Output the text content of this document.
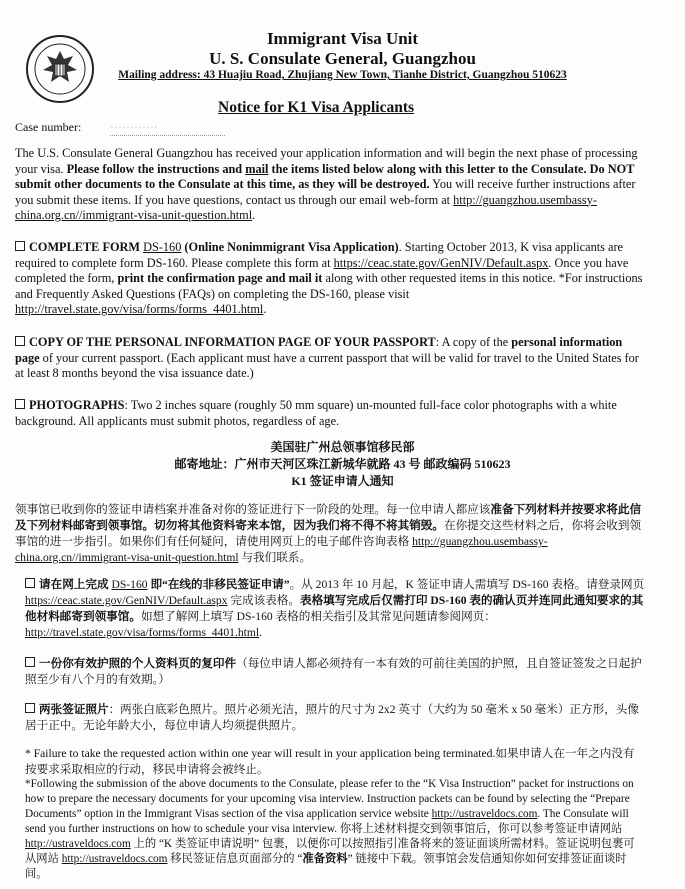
Immigrant Visa Unit
U. S. Consulate General, Guangzhou
Mailing address: 43 Huajiu Road, Zhujiang New Town, Tianhe District, Guangzhou 510623
Notice for K1 Visa Applicants
Case number: ············
The U.S. Consulate General Guangzhou has received your application information and will begin the next phase of processing your visa. Please follow the instructions and mail the items listed below along with this letter to the Consulate. Do NOT submit other documents to the Consulate at this time, as they will be destroyed. You will receive further instructions after you submit these items. If you have questions, contact us through our email web-form at http://guangzhou.usembassy-china.org.cn//immigrant-visa-unit-question.html.
COMPLETE FORM DS-160 (Online Nonimmigrant Visa Application). Starting October 2013, K visa applicants are required to complete form DS-160. Please complete this form at https://ceac.state.gov/GenNIV/Default.aspx. Once you have completed the form, print the confirmation page and mail it along with other requested items in this notice. *For instructions and Frequently Asked Questions (FAQs) on completing the DS-160, please visit http://travel.state.gov/visa/forms/forms_4401.html.
COPY OF THE PERSONAL INFORMATION PAGE OF YOUR PASSPORT: A copy of the personal information page of your current passport. (Each applicant must have a current passport that will be valid for travel to the United States for at least 8 months beyond the visa issuance date.)
PHOTOGRAPHS: Two 2 inches square (roughly 50 mm square) un-mounted full-face color photographs with a white background. All applicants must submit photos, regardless of age.
美国驻广州总领事馆移民部
邮寄地址：广州市天河区珠江新城华就路 43 号 邮政编码 510623
K1 签证申请人通知
领事馆已收到你的签证申请档案并准备对你的签证进行下一阶段的处理。每一位申请人都应该准备下列材料并按要求将此信及下列材料邮寄到领事馆。切勿将其他资料寄来本馆，因为我们将不得不将其销毁。在你提交这些材料之后，你将会收到领事馆的进一步指引。如果你们有任何疑问，请使用网页上的电子邮件咨询表格 http://guangzhou.usembassy-china.org.cn//immigrant-visa-unit-question.html 与我们联系。
请在网上完成 DS-160 即“在线的非移民签证申请”。从 2013 年 10 月起，K 签证申请人需填写 DS-160 表格。请登录网页 https://ceac.state.gov/GenNIV/Default.aspx 完成该表格。表格填写完成后仅需打印 DS-160 表的确认页并连同此通知要求的其他材料邮寄到领事馆。如想了解网上填写 DS-160 表格的相关指引及其常见问题请参阅网页：http://travel.state.gov/visa/forms/forms_4401.html.
一份你有效护照的个人资料页的复印件（每位申请人都必须持有一本有效的可前往美国的护照，且自签证签发之日起护照至少有八个月的有效期。）
两张签证照片：两张白底彩色照片。照片必须光洁，照片的尺寸为 2x2 英寸（大约为 50 毫米 x 50 毫米）正方形，头像居于正中。无论年龄大小，每位申请人均须提供照片。
* Failure to take the requested action within one year will result in your application being terminated.如果申请人在一年之内没有按要求采取相应的行动，移民申请将会被终止。
*Following the submission of the above documents to the Consulate, please refer to the “K Visa Instruction” packet for instructions on how to prepare the necessary documents for your upcoming visa interview. Instruction packets can be found by selecting the “Prepare Documents” option in the Immigrant Visas section of the visa application service website http://ustraveldocs.com. The Consulate will send you further instructions on how to schedule your visa interview. 你将上述材料提交到领事馆后，你可以参考签证申请网站 http://ustraveldocs.com 上的 “K 类签证申请说明” 包裹，以便你可以按照指引准备将来的签证面谈所需材料。签证说明包裹可从网站 http://ustraveldocs.com 移民签证信息页面部分的 “准备资料” 链接中下载。领事馆会发信通知你如何安排签证面谈时间。
